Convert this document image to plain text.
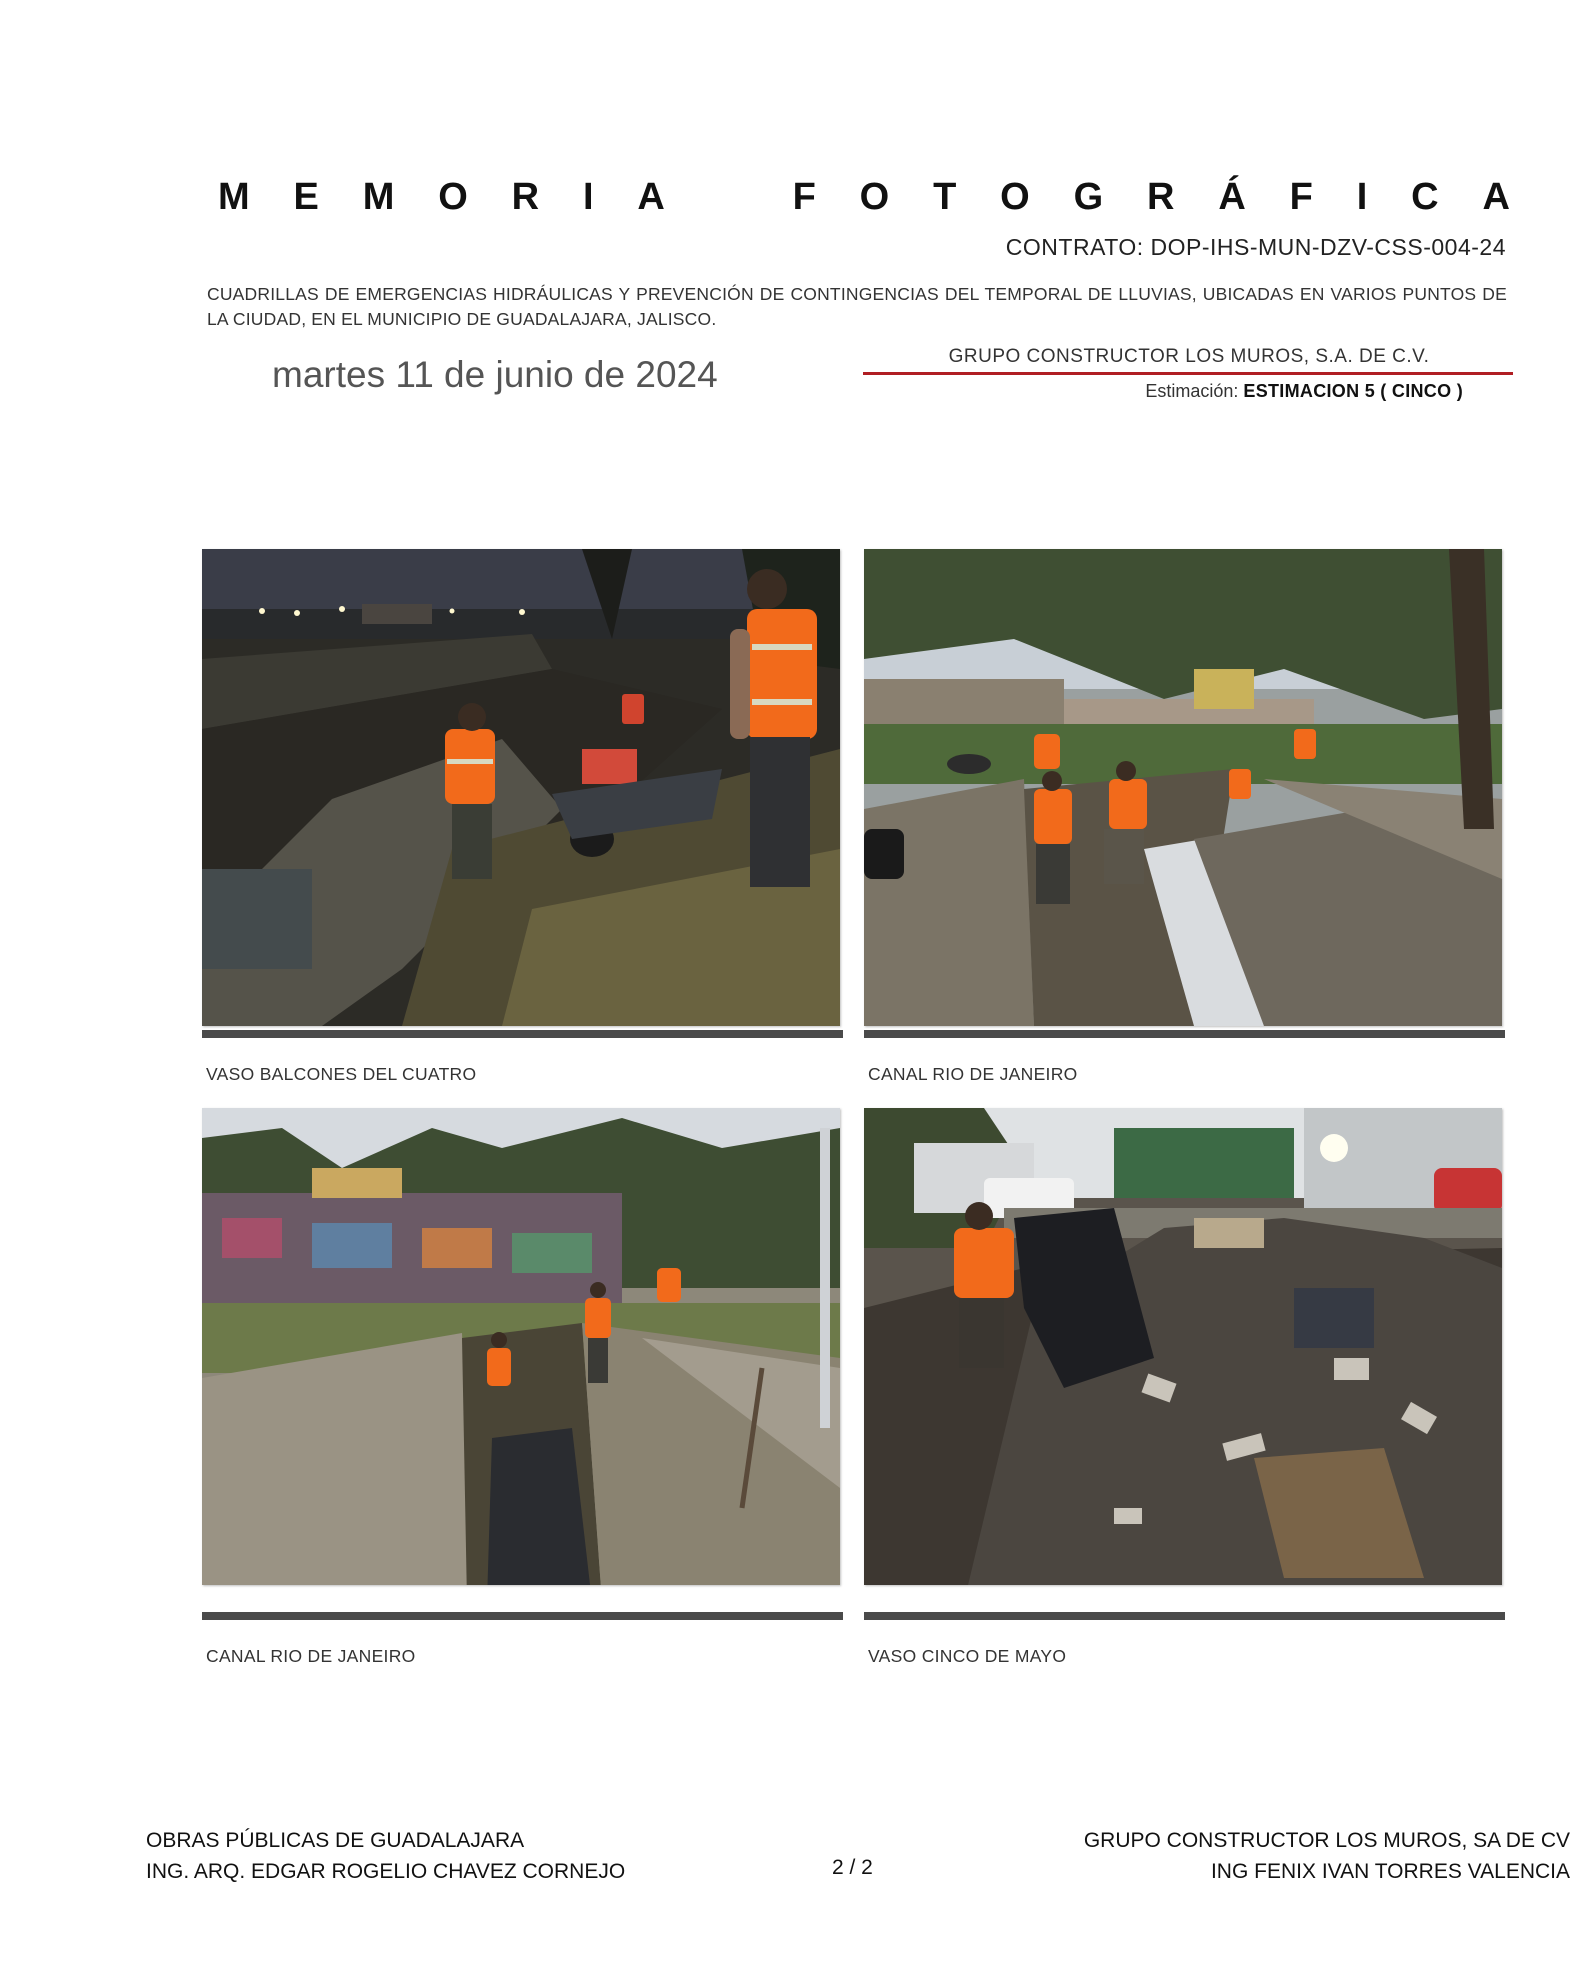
M E M O R I A	F O T O G R Á F I C A
CONTRATO: DOP-IHS-MUN-DZV-CSS-004-24
CUADRILLAS DE EMERGENCIAS HIDRÁULICAS Y PREVENCIÓN DE CONTINGENCIAS DEL TEMPORAL DE LLUVIAS, UBICADAS EN VARIOS PUNTOS DE LA CIUDAD, EN EL MUNICIPIO DE GUADALAJARA, JALISCO.
martes 11 de junio de 2024	GRUPO CONSTRUCTOR LOS MUROS, S.A. DE C.V.
Estimación: ESTIMACION 5 ( CINCO )
VASO BALCONES DEL CUATRO	CANAL RIO DE JANEIRO
CANAL RIO DE JANEIRO	VASO CINCO DE MAYO
OBRAS PÚBLICAS DE GUADALAJARA
ING. ARQ. EDGAR ROGELIO CHAVEZ CORNEJO	2 / 2
GRUPO CONSTRUCTOR LOS MUROS, SA DE CV
ING FENIX IVAN TORRES VALENCIA
